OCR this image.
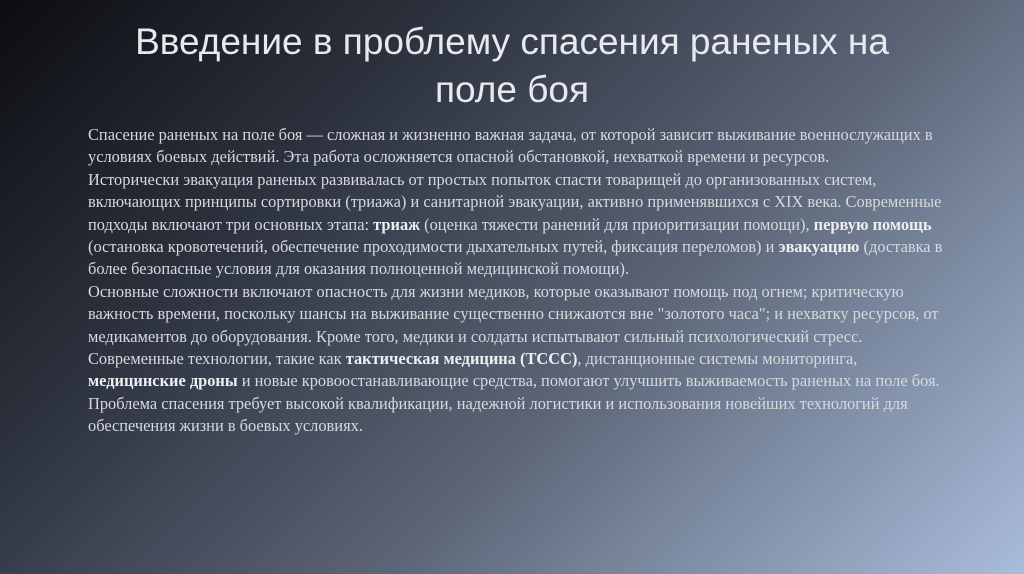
Введение в проблему спасения раненых на
поле боя

Спасение раненых на поле боя — сложная и жизненно важная задача, от которой зависит выживание военнослужащих в условиях боевых действий. Эта работа осложняется опасной обстановкой, нехваткой времени и ресурсов.

Исторически эвакуация раненых развивалась от простых попыток спасти товарищей до организованных систем, включающих принципы сортировки (триажа) и санитарной эвакуации, активно применявшихся с XIX века. Современные подходы включают три основных этапа: триаж (оценка тяжести ранений для приоритизации помощи), первую помощь (остановка кровотечений, обеспечение проходимости дыхательных путей, фиксация переломов) и эвакуацию (доставка в более безопасные условия для оказания полноценной медицинской помощи).

Основные сложности включают опасность для жизни медиков, которые оказывают помощь под огнем; критическую важность времени, поскольку шансы на выживание существенно снижаются вне "золотого часа"; и нехватку ресурсов, от медикаментов до оборудования. Кроме того, медики и солдаты испытывают сильный психологический стресс.

Современные технологии, такие как тактическая медицина (TCCC), дистанционные системы мониторинга, медицинские дроны и новые кровоостанавливающие средства, помогают улучшить выживаемость раненых на поле боя. Проблема спасения требует высокой квалификации, надежной логистики и использования новейших технологий для обеспечения жизни в боевых условиях.
